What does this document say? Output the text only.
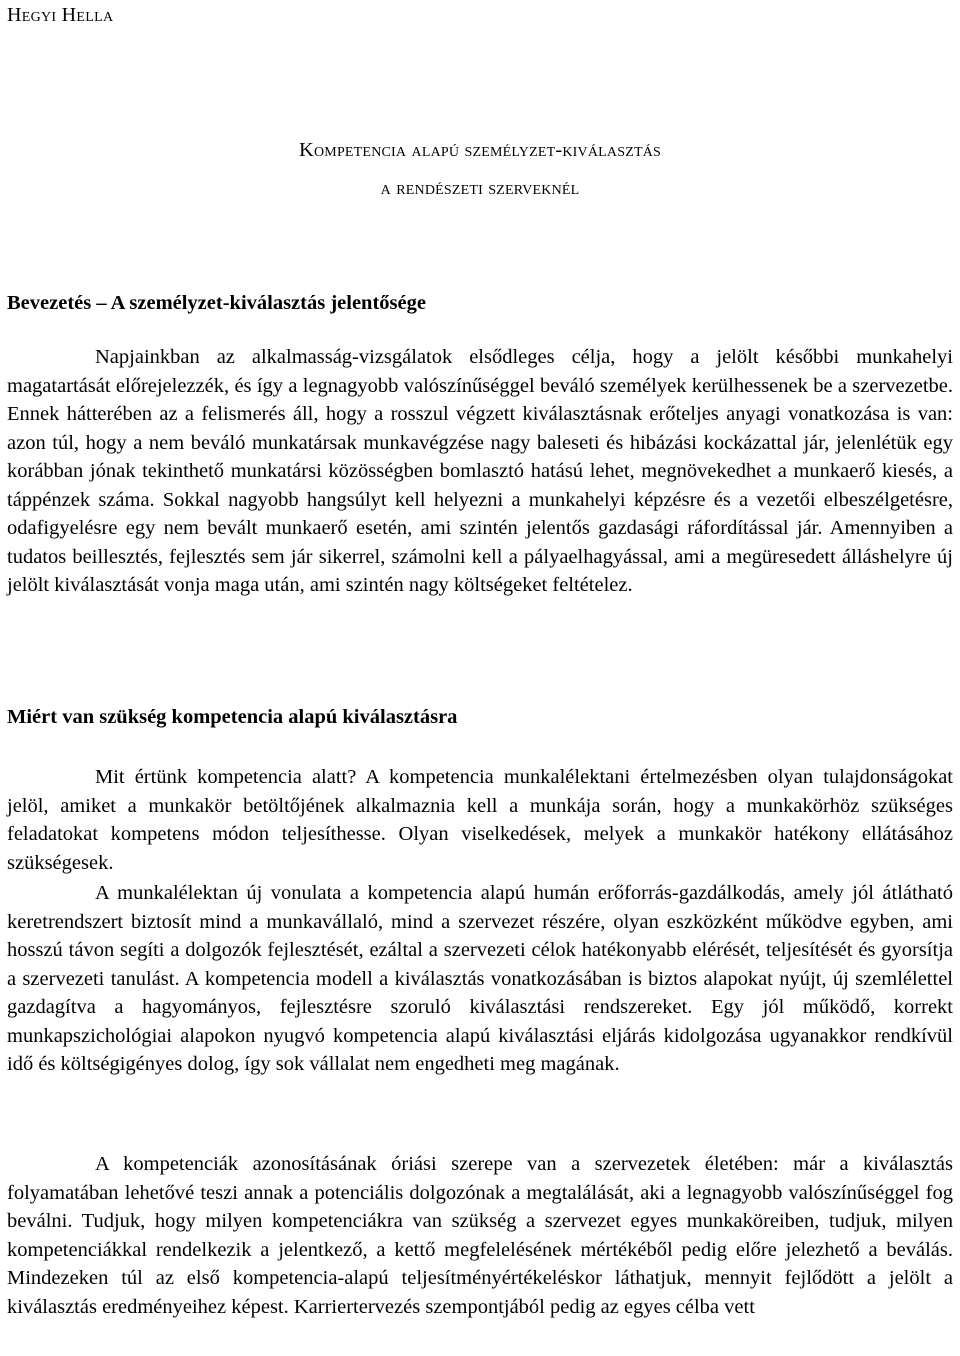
Hegyi Hella

Kompetencia alapú személyzet-kiválasztás
a rendészeti szerveknél
Bevezetés – A személyzet-kiválasztás jelentősége

Napjainkban az alkalmasság-vizsgálatok elsődleges célja, hogy a jelölt későbbi munkahelyi magatartását előrejelezzék, és így a legnagyobb valószínűséggel beváló személyek kerülhessenek be a szervezetbe. Ennek hátterében az a felismerés áll, hogy a rosszul végzett kiválasztásnak erőteljes anyagi vonatkozása is van: azon túl, hogy a nem beváló munkatársak munkavégzése nagy baleseti és hibázási kockázattal jár, jelenlétük egy korábban jónak tekinthető munkatársi közösségben bomlasztó hatású lehet, megnövekedhet a munkaerő kiesés, a táppénzek száma. Sokkal nagyobb hangsúlyt kell helyezni a munkahelyi képzésre és a vezetői elbeszélgetésre, odafigyelésre egy nem bevált munkaerő esetén, ami szintén jelentős gazdasági ráfordítással jár. Amennyiben a tudatos beillesztés, fejlesztés sem jár sikerrel, számolni kell a pályaelhagyással, ami a megüresedett álláshelyre új jelölt kiválasztását vonja maga után, ami szintén nagy költségeket feltételez.

Miért van szükség kompetencia alapú kiválasztásra

Mit értünk kompetencia alatt? A kompetencia munkalélektani értelmezésben olyan tulajdonságokat jelöl, amiket a munkakör betöltőjének alkalmaznia kell a munkája során, hogy a munkakörhöz szükséges feladatokat kompetens módon teljesíthesse. Olyan viselkedések, melyek a munkakör hatékony ellátásához szükségesek.

A munkalélektan új vonulata a kompetencia alapú humán erőforrás-gazdálkodás, amely jól átlátható keretrendszert biztosít mind a munkavállaló, mind a szervezet részére, olyan eszközként működve egyben, ami hosszú távon segíti a dolgozók fejlesztését, ezáltal a szervezeti célok hatékonyabb elérését, teljesítését és gyorsítja a szervezeti tanulást. A kompetencia modell a kiválasztás vonatkozásában is biztos alapokat nyújt, új szemlélettel gazdagítva a hagyományos, fejlesztésre szoruló kiválasztási rendszereket. Egy jól működő, korrekt munkapszichológiai alapokon nyugvó kompetencia alapú kiválasztási eljárás kidolgozása ugyanakkor rendkívül idő és költségigényes dolog, így sok vállalat nem engedheti meg magának.

A kompetenciák azonosításának óriási szerepe van a szervezetek életében: már a kiválasztás folyamatában lehetővé teszi annak a potenciális dolgozónak a megtalálását, aki a legnagyobb valószínűséggel fog beválni. Tudjuk, hogy milyen kompetenciákra van szükség a szervezet egyes munkaköreiben, tudjuk, milyen kompetenciákkal rendelkezik a jelentkező, a kettő megfelelésének mértékéből pedig előre jelezhető a beválás. Mindezeken túl az első kompetencia-alapú teljesítményértékeléskor láthatjuk, mennyit fejlődött a jelölt a kiválasztás eredményeihez képest. Karriertervezés szempontjából pedig az egyes célba vett
